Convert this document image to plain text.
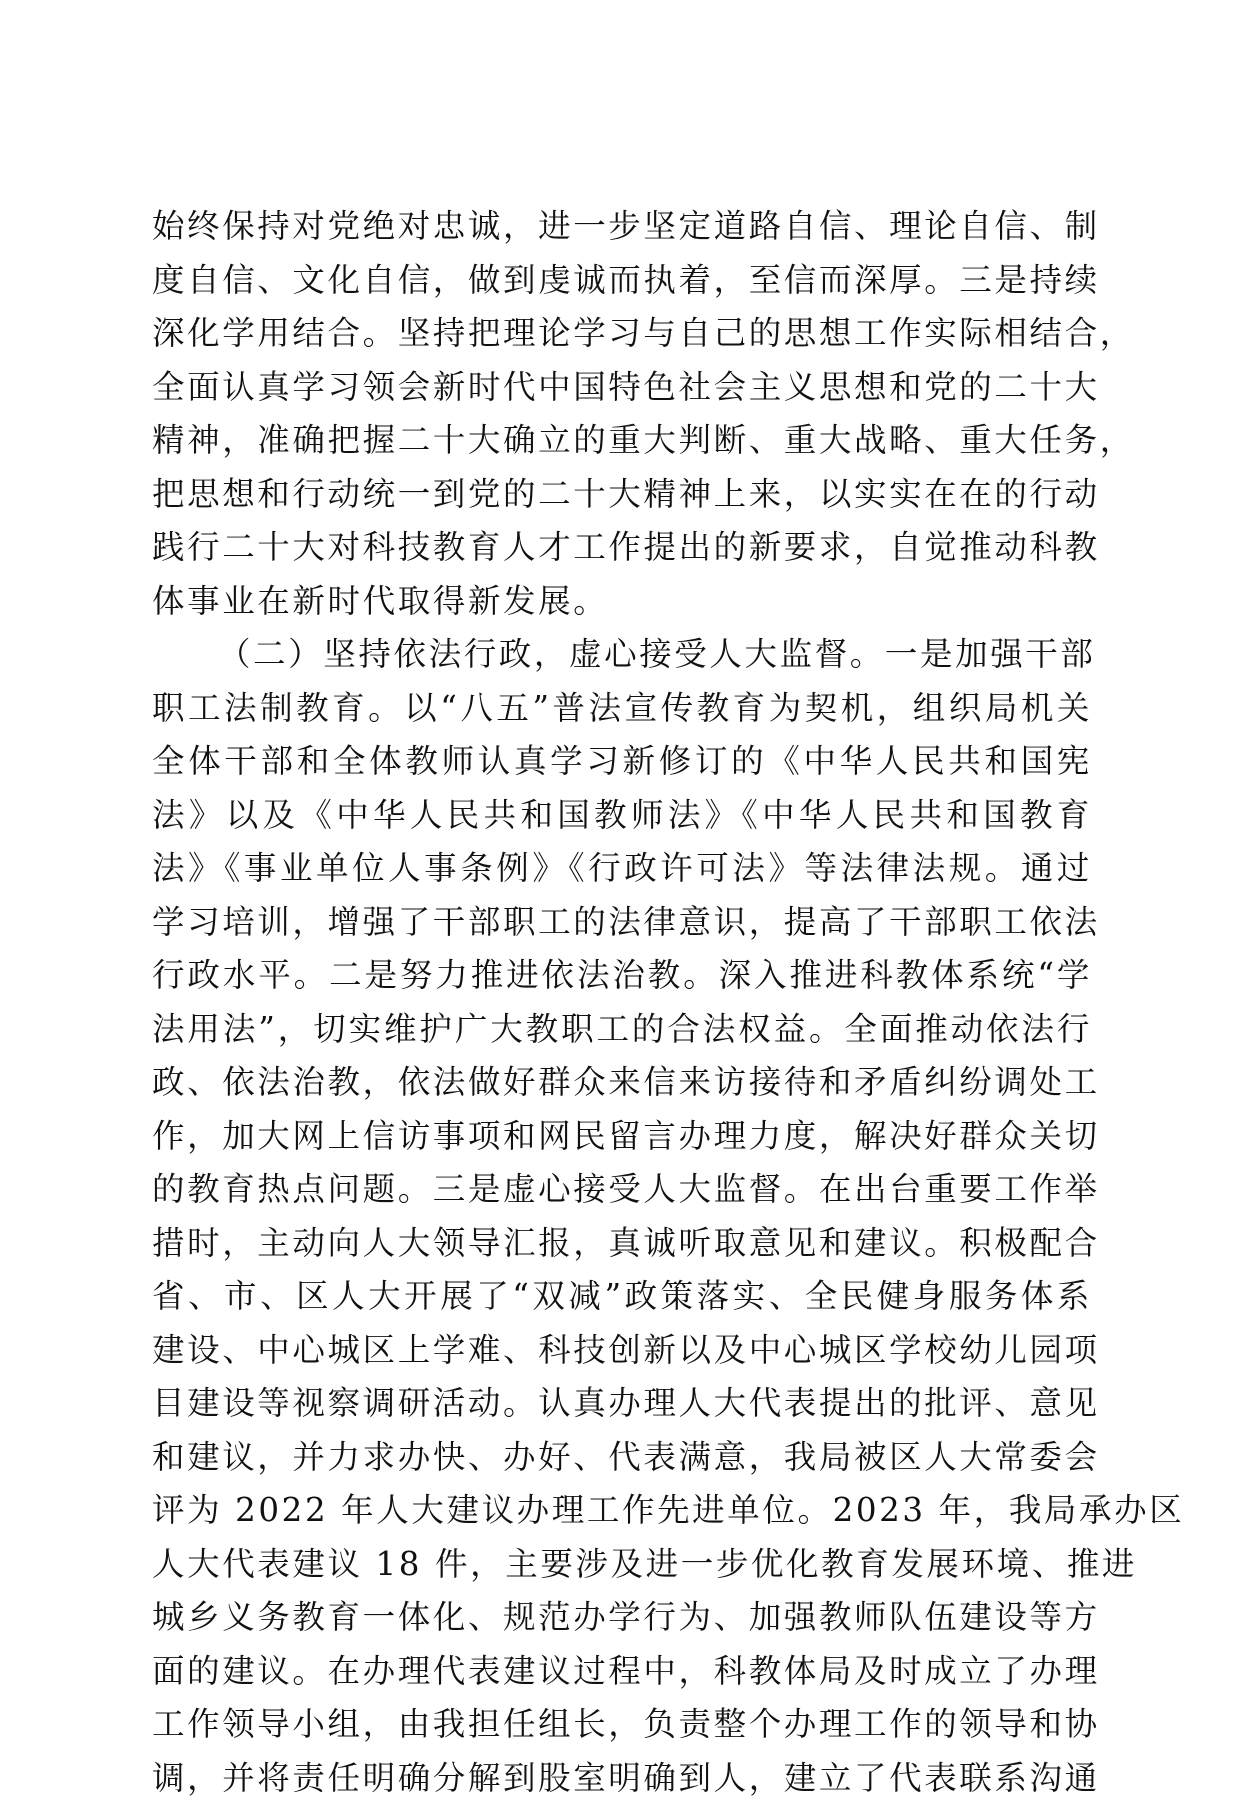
始终保持对党绝对忠诚，进一步坚定道路自信、理论自信、制
度自信、文化自信，做到虔诚而执着，至信而深厚。三是持续
深化学用结合。坚持把理论学习与自己的思想工作实际相结合，
全面认真学习领会新时代中国特色社会主义思想和党的二十大
精神，准确把握二十大确立的重大判断、重大战略、重大任务，
把思想和行动统一到党的二十大精神上来，以实实在在的行动
践行二十大对科技教育人才工作提出的新要求，自觉推动科教
体事业在新时代取得新发展。
（二）坚持依法行政，虚心接受人大监督。一是加强干部
职工法制教育。以“八五”普法宣传教育为契机，组织局机关
全体干部和全体教师认真学习新修订的《中华人民共和国宪
法》以及《中华人民共和国教师法》《中华人民共和国教育
法》《事业单位人事条例》《行政许可法》等法律法规。通过
学习培训，增强了干部职工的法律意识，提高了干部职工依法
行政水平。二是努力推进依法治教。深入推进科教体系统“学
法用法”，切实维护广大教职工的合法权益。全面推动依法行
政、依法治教，依法做好群众来信来访接待和矛盾纠纷调处工
作，加大网上信访事项和网民留言办理力度，解决好群众关切
的教育热点问题。三是虚心接受人大监督。在出台重要工作举
措时，主动向人大领导汇报，真诚听取意见和建议。积极配合
省、市、区人大开展了“双减”政策落实、全民健身服务体系
建设、中心城区上学难、科技创新以及中心城区学校幼儿园项
目建设等视察调研活动。认真办理人大代表提出的批评、意见
和建议，并力求办快、办好、代表满意，我局被区人大常委会
评为 2022 年人大建议办理工作先进单位。2023 年，我局承办区
人大代表建议 18 件，主要涉及进一步优化教育发展环境、推进
城乡义务教育一体化、规范办学行为、加强教师队伍建设等方
面的建议。在办理代表建议过程中，科教体局及时成立了办理
工作领导小组，由我担任组长，负责整个办理工作的领导和协
调，并将责任明确分解到股室明确到人，建立了代表联系沟通
